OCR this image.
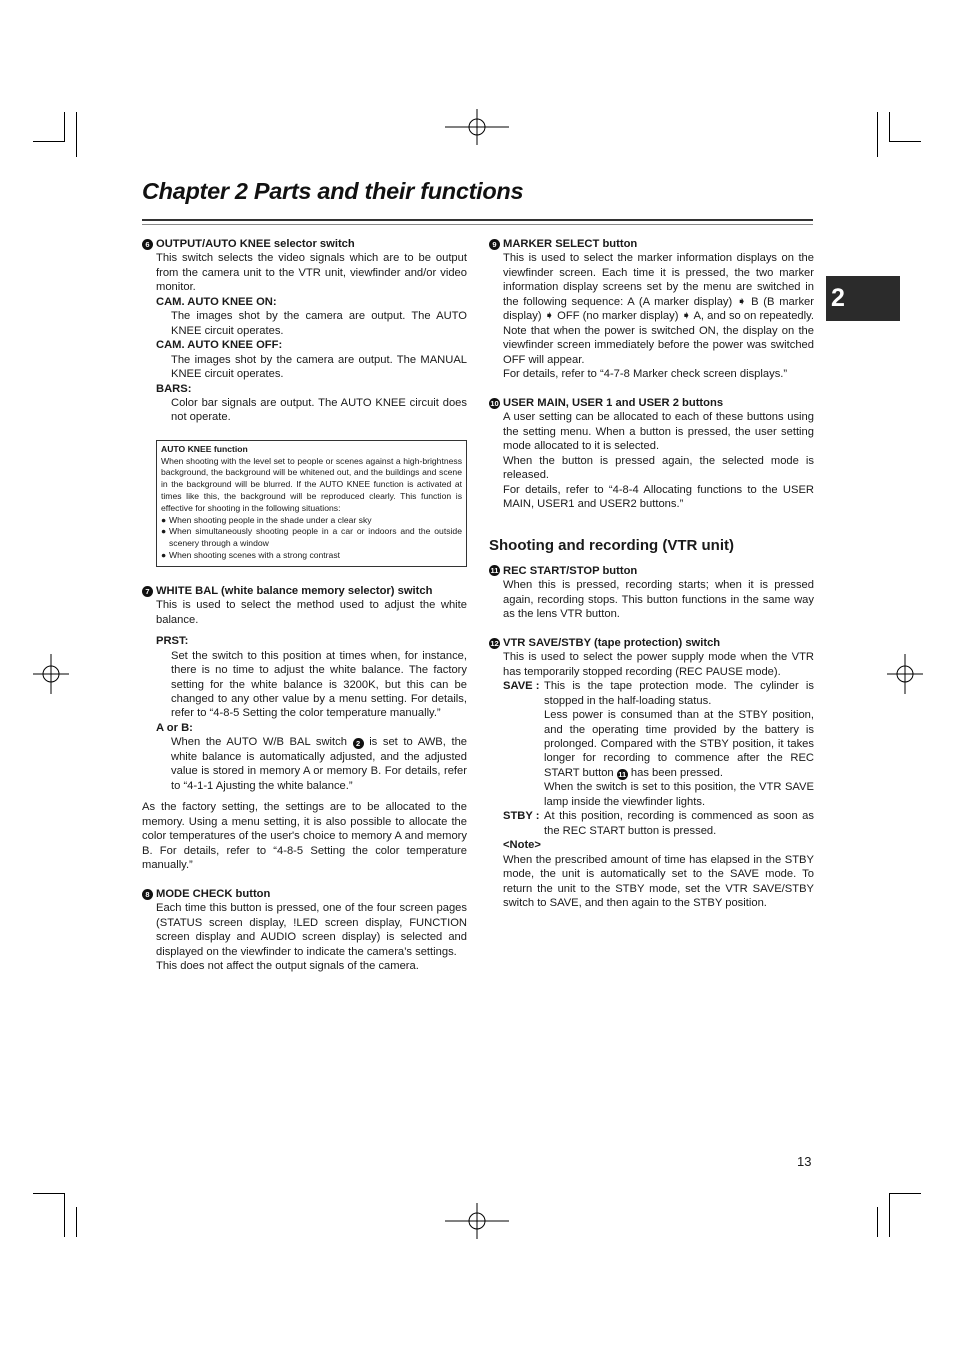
Chapter 2 Parts and their functions
2
6 OUTPUT/AUTO KNEE selector switch
This switch selects the video signals which are to be output from the camera unit to the VTR unit, viewfinder and/or video monitor.
CAM. AUTO KNEE ON:
The images shot by the camera are output. The AUTO KNEE circuit operates.
CAM. AUTO KNEE OFF:
The images shot by the camera are output. The MANUAL KNEE circuit operates.
BARS:
Color bar signals are output. The AUTO KNEE circuit does not operate.
AUTO KNEE function
When shooting with the level set to people or scenes against a high-brightness background, the background will be whitened out, and the buildings and scene in the background will be blurred. If the AUTO KNEE function is activated at times like this, the background will be reproduced clearly. This function is effective for shooting in the following situations:
● When shooting people in the shade under a clear sky
● When simultaneously shooting people in a car or indoors and the outside scenery through a window
● When shooting scenes with a strong contrast
7 WHITE BAL (white balance memory selector) switch
This is used to select the method used to adjust the white balance.
PRST:
Set the switch to this position at times when, for instance, there is no time to adjust the white balance. The factory setting for the white balance is 3200K, but this can be changed to any other value by a menu setting. For details, refer to “4-8-5 Setting the color temperature manually.”
A or B:
When the AUTO W/B BAL switch 2 is set to AWB, the white balance is automatically adjusted, and the adjusted value is stored in memory A or memory B. For details, refer to “4-1-1 Ajusting the white balance.”
As the factory setting, the settings are to be allocated to the memory. Using a menu setting, it is also possible to allocate the color temperatures of the user's choice to memory A and memory B. For details, refer to “4-8-5 Setting the color temperature manually.”
8 MODE CHECK button
Each time this button is pressed, one of the four screen pages (STATUS screen display, !LED screen display, FUNCTION screen display and AUDIO screen display) is selected and displayed on the viewfinder to indicate the camera’s settings.
This does not affect the output signals of the camera.
9 MARKER SELECT button
This is used to select the marker information displays on the viewfinder screen. Each time it is pressed, the two marker information display screens set by the menu are switched in the following sequence: A (A marker display) ➧ B (B marker display) ➧ OFF (no marker display) ➧ A, and so on repeatedly. Note that when the power is switched ON, the display on the viewfinder screen immediately before the power was switched OFF will appear.
For details, refer to “4-7-8 Marker check screen displays.”
10 USER MAIN, USER 1 and USER 2 buttons
A user setting can be allocated to each of these buttons using the setting menu. When a button is pressed, the user setting mode allocated to it is selected.
When the button is pressed again, the selected mode is released.
For details, refer to “4-8-4 Allocating functions to the USER MAIN, USER1 and USER2 buttons.”
Shooting and recording (VTR unit)
11 REC START/STOP button
When this is pressed, recording starts; when it is pressed again, recording stops. This button functions in the same way as the lens VTR button.
12 VTR SAVE/STBY (tape protection) switch
This is used to select the power supply mode when the VTR has temporarily stopped recording (REC PAUSE mode).
SAVE : This is the tape protection mode. The cylinder is stopped in the half-loading status.
Less power is consumed than at the STBY position, and the operating time provided by the battery is prolonged. Compared with the STBY position, it takes longer for recording to commence after the REC START button 11 has been pressed.
When the switch is set to this position, the VTR SAVE lamp inside the viewfinder lights.
STBY : At this position, recording is commenced as soon as the REC START button is pressed.
<Note>
When the prescribed amount of time has elapsed in the STBY mode, the unit is automatically set to the SAVE mode. To return the unit to the STBY mode, set the VTR SAVE/STBY switch to SAVE, and then again to the STBY position.
13
